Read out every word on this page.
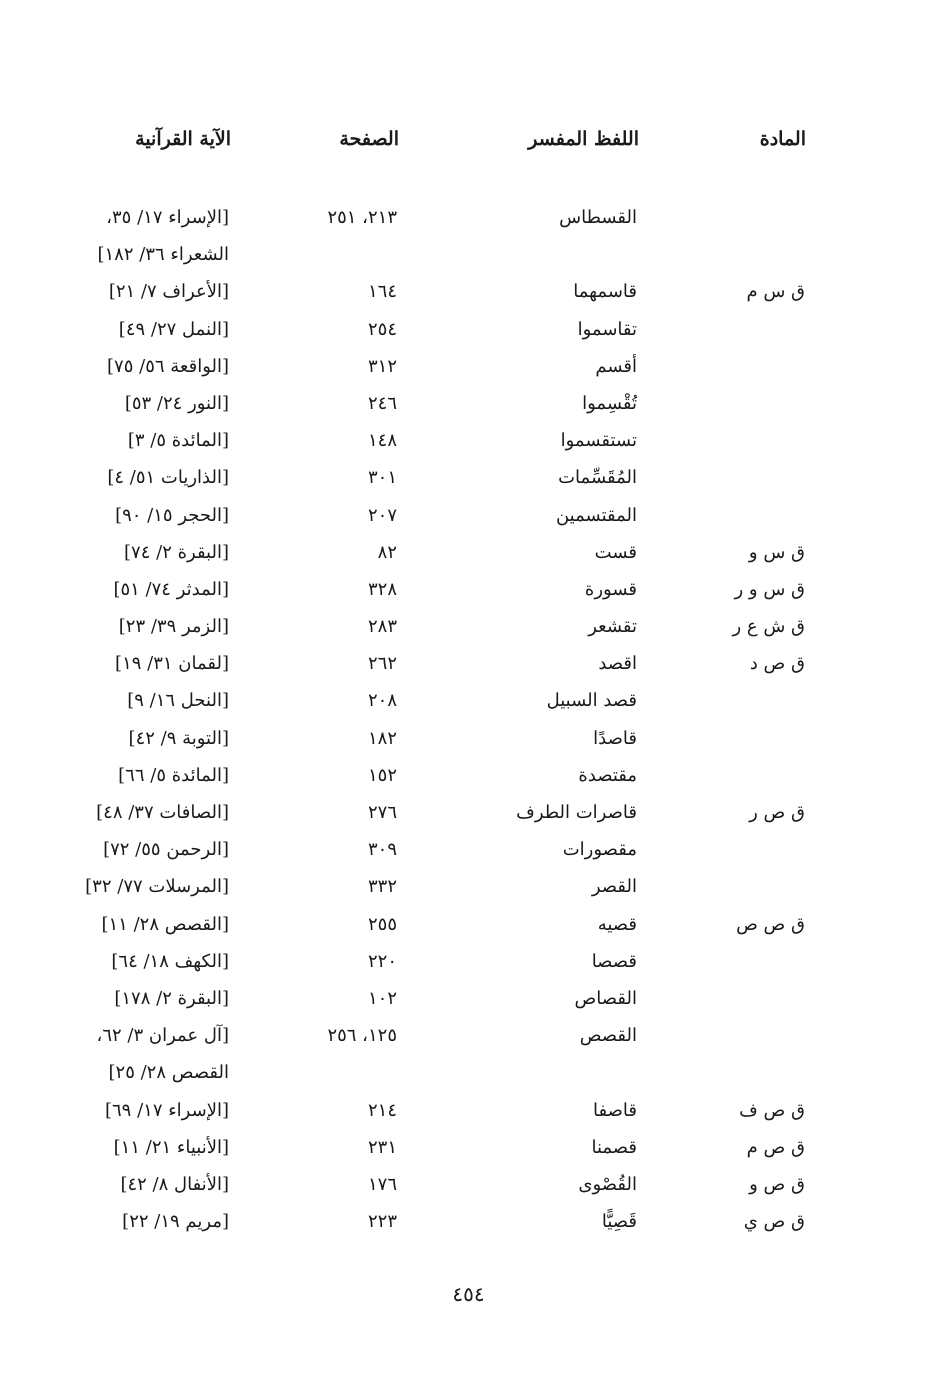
المادة
اللفظ المفسر
الصفحة
الآية القرآنية
القسطاس
٢١٣، ٢٥١
[الإسراء ١٧/ ٣٥،
الشعراء ٣٦/ ١٨٢]
ق س م
قاسمهما
١٦٤
[الأعراف ٧/ ٢١]
تقاسموا
٢٥٤
[النمل ٢٧/ ٤٩]
أقسم
٣١٢
[الواقعة ٥٦/ ٧٥]
تُقْسِموا
٢٤٦
[النور ٢٤/ ٥٣]
تستقسموا
١٤٨
[المائدة ٥/ ٣]
المُقَسِّمات
٣٠١
[الذاريات ٥١/ ٤]
المقتسمين
٢٠٧
[الحجر ١٥/ ٩٠]
ق س و
قست
٨٢
[البقرة ٢/ ٧٤]
ق س و ر
قسورة
٣٢٨
[المدثر ٧٤/ ٥١]
ق ش ع ر
تقشعر
٢٨٣
[الزمر ٣٩/ ٢٣]
ق ص د
اقصد
٢٦٢
[لقمان ٣١/ ١٩]
قصد السبيل
٢٠٨
[النحل ١٦/ ٩]
قاصدًا
١٨٢
[التوبة ٩/ ٤٢]
مقتصدة
١٥٢
[المائدة ٥/ ٦٦]
ق ص ر
قاصرات الطرف
٢٧٦
[الصافات ٣٧/ ٤٨]
مقصورات
٣٠٩
[الرحمن ٥٥/ ٧٢]
القصر
٣٣٢
[المرسلات ٧٧/ ٣٢]
ق ص ص
قصيه
٢٥٥
[القصص ٢٨/ ١١]
قصصا
٢٢٠
[الكهف ١٨/ ٦٤]
القصاص
١٠٢
[البقرة ٢/ ١٧٨]
القصص
١٢٥، ٢٥٦
[آل عمران ٣/ ٦٢،
القصص ٢٨/ ٢٥]
ق ص ف
قاصفا
٢١٤
[الإسراء ١٧/ ٦٩]
ق ص م
قصمنا
٢٣١
[الأنبياء ٢١/ ١١]
ق ص و
القُصْوى
١٧٦
[الأنفال ٨/ ٤٢]
ق ص ي
قَصِيًّا
٢٢٣
[مريم ١٩/ ٢٢]
٤٥٤
